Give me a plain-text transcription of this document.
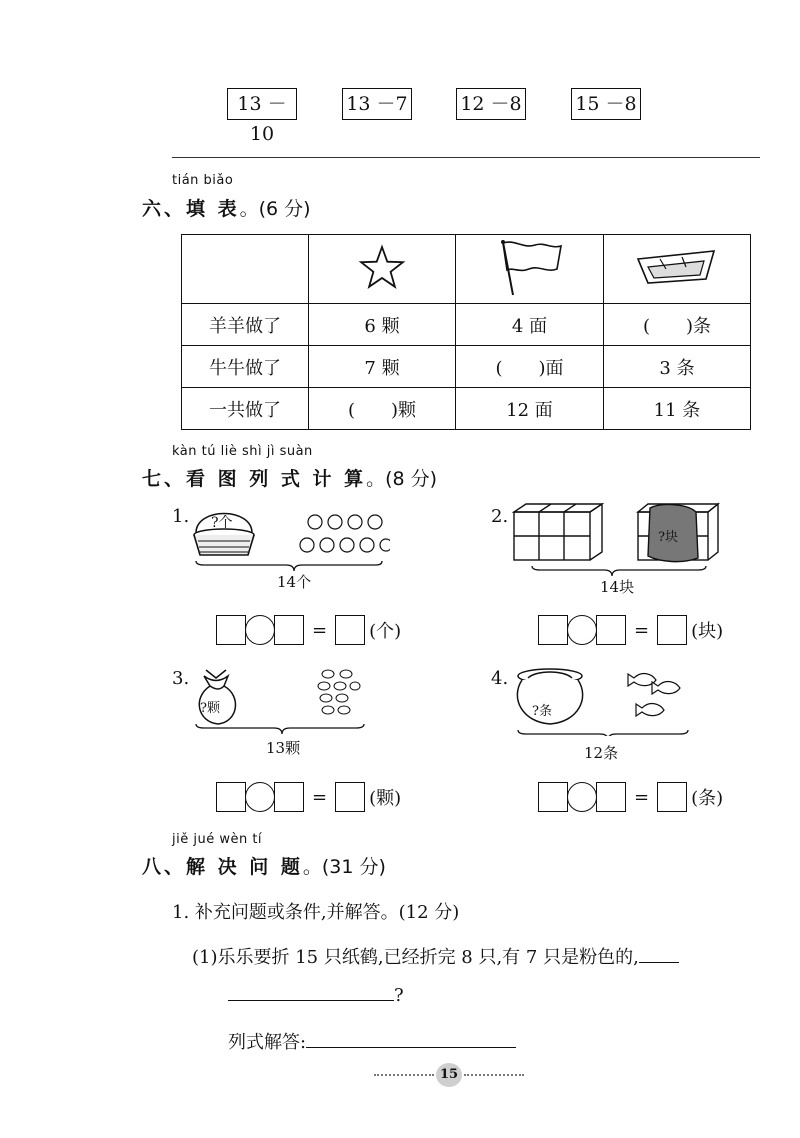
13 －10
13 －7	12 －8	15 －8
tián biǎo
六、填 表。(6 分)

羊羊做了	6 颗	4 面	(　　)条
牛牛做了	7 颗	(　　)面	3 条
一共做了	(　　)颗	12 面	11 条
kàn tú liè shì jì suàn
七、看 图 列 式 计 算。(8 分)
1. ?个
14个
2.
?块
14块
= (个)	= (块)
3.
?颗
13颗
4.
?条
12条
= (颗)	= (条)
jiě jué wèn tí
八、解 决 问 题。(31 分)
1. 补充问题或条件,并解答。(12 分)
(1)乐乐要折 15 只纸鹤,已经折完 8 只,有 7 只是粉色的,
?
列式解答:
15
